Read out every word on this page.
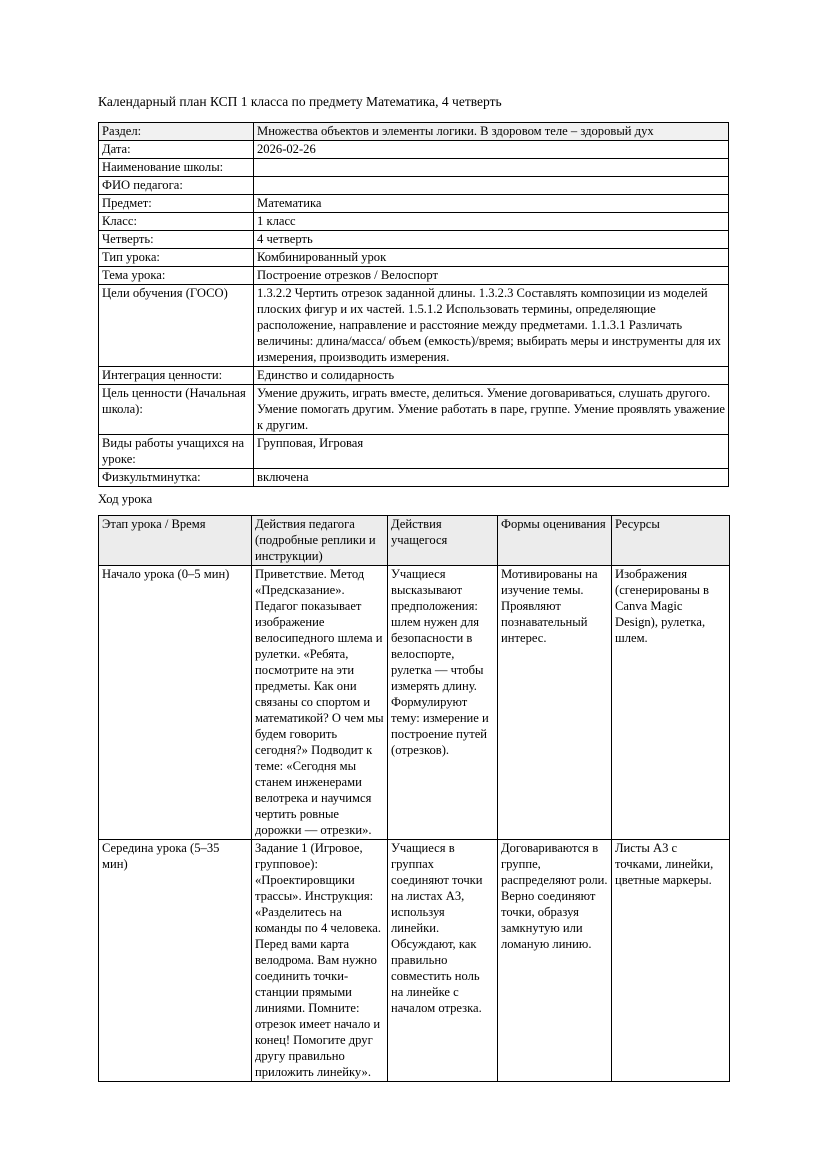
Календарный план КСП 1 класса по предмету Математика, 4 четверть
Раздел:	Множества объектов и элементы логики. В здоровом теле – здоровый дух
Дата:	2026-02-26
Наименование школы:	
ФИО педагога:	
Предмет:	Математика
Класс:	1 класс
Четверть:	4 четверть
Тип урока:	Комбинированный урок
Тема урока:	Построение отрезков / Велоспорт
Цели обучения (ГОСО)	1.3.2.2 Чертить отрезок заданной длины. 1.3.2.3 Составлять композиции из моделей плоских фигур и их частей. 1.5.1.2 Использовать термины, определяющие расположение, направление и расстояние между предметами. 1.1.3.1 Различать величины: длина/масса/ объем (емкость)/время; выбирать меры и инструменты для их измерения, производить измерения.
Интеграция ценности:	Единство и солидарность
Цель ценности (Начальная школа):	Умение дружить, играть вместе, делиться. Умение договариваться, слушать другого. Умение помогать другим. Умение работать в паре, группе. Умение проявлять уважение к другим.
Виды работы учащихся на уроке:	Групповая, Игровая
Физкультминутка:	включена
Ход урока
Этап урока / Время	Действия педагога (подробные реплики и инструкции)	Действия учащегося	Формы оценивания	Ресурсы
Начало урока (0–5 мин)	Приветствие. Метод «Предсказание». Педагог показывает изображение велосипедного шлема и рулетки. «Ребята, посмотрите на эти предметы. Как они связаны со спортом и математикой? О чем мы будем говорить сегодня?» Подводит к теме: «Сегодня мы станем инженерами велотрека и научимся чертить ровные дорожки — отрезки».	Учащиеся высказывают предположения: шлем нужен для безопасности в велоспорте, рулетка — чтобы измерять длину. Формулируют тему: измерение и построение путей (отрезков).	Мотивированы на изучение темы. Проявляют познавательный интерес.	Изображения (сгенерированы в Canva Magic Design), рулетка, шлем.
Середина урока (5–35 мин)	Задание 1 (Игровое, групповое): «Проектировщики трассы». Инструкция: «Разделитесь на команды по 4 человека. Перед вами карта велодрома. Вам нужно соединить точки-станции прямыми линиями. Помните: отрезок имеет начало и конец! Помогите друг другу правильно приложить линейку».	Учащиеся в группах соединяют точки на листах А3, используя линейки. Обсуждают, как правильно совместить ноль на линейке с началом отрезка.	Договариваются в группе, распределяют роли. Верно соединяют точки, образуя замкнутую или ломаную линию.	Листы А3 с точками, линейки, цветные маркеры.
